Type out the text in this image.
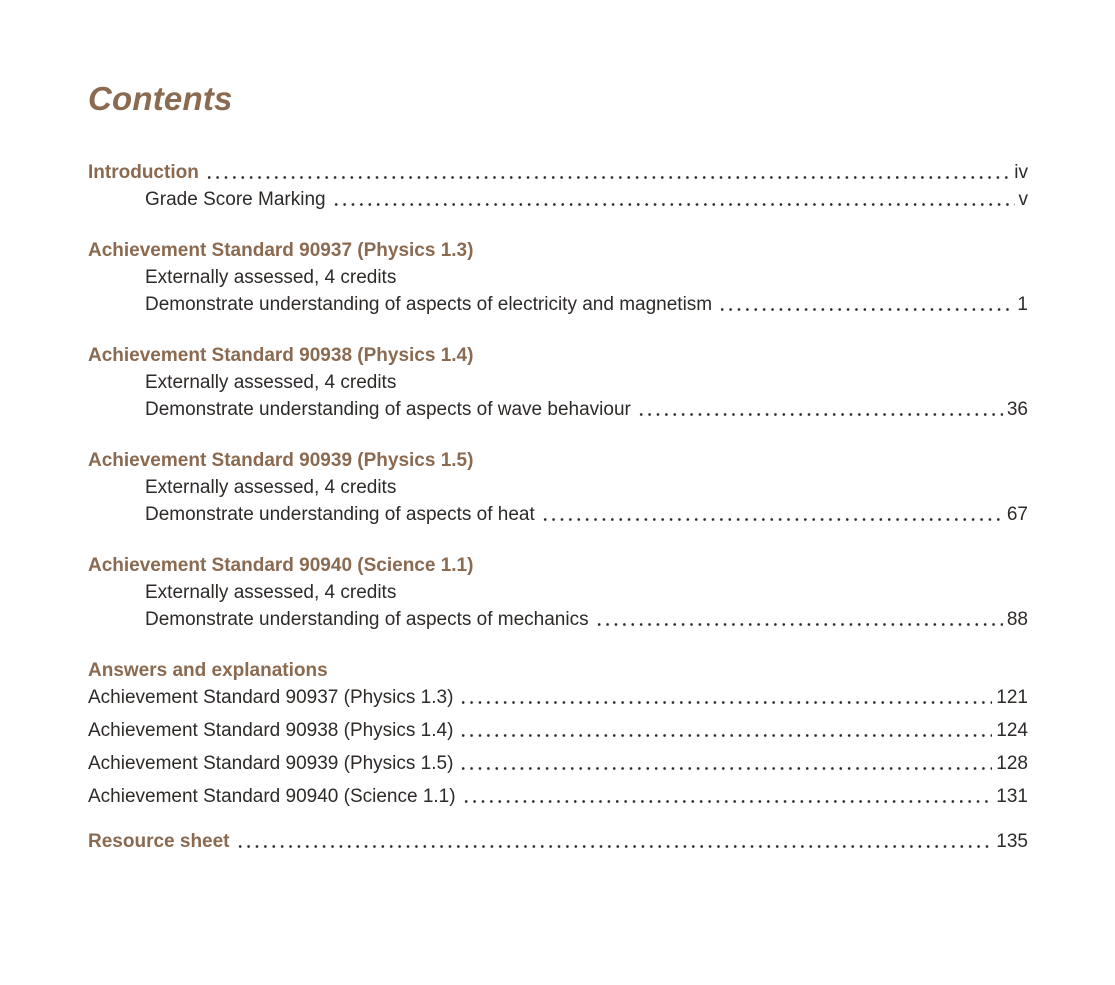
Contents
Introduction	iv
Grade Score Marking	v
Achievement Standard 90937 (Physics 1.3)
Externally assessed, 4 credits
Demonstrate understanding of aspects of electricity and magnetism	1
Achievement Standard 90938 (Physics 1.4)
Externally assessed, 4 credits
Demonstrate understanding of aspects of wave behaviour	36
Achievement Standard 90939 (Physics 1.5)
Externally assessed, 4 credits
Demonstrate understanding of aspects of heat	67
Achievement Standard 90940 (Science 1.1)
Externally assessed, 4 credits
Demonstrate understanding of aspects of mechanics	88
Answers and explanations
Achievement Standard 90937 (Physics 1.3)	121
Achievement Standard 90938 (Physics 1.4)	124
Achievement Standard 90939 (Physics 1.5)	128
Achievement Standard 90940 (Science 1.1)	131
Resource sheet	135
